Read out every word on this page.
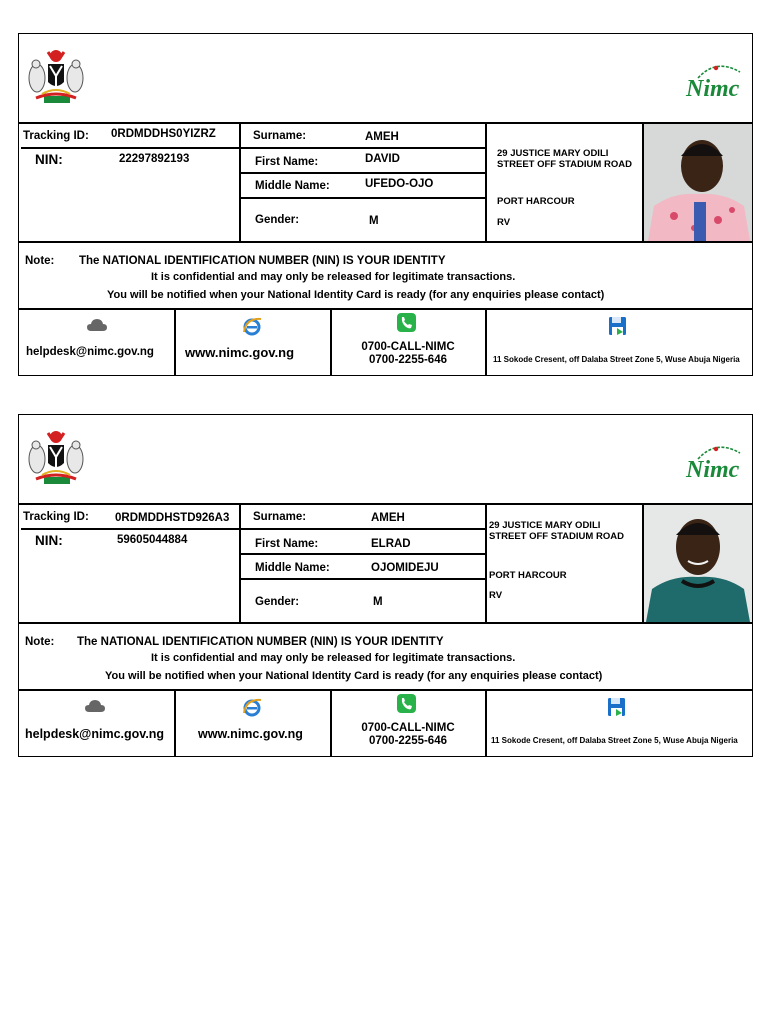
Nimc
Tracking ID: 0RDMDDHS0YIZRZ
NIN:	22297892193
Surname:	AMEH
First Name:	DAVID
Middle Name:	UFEDO-OJO
Gender:	M
29 JUSTICE MARY ODILI
STREET OFF STADIUM ROAD
PORT HARCOUR
RV
Note: The NATIONAL IDENTIFICATION NUMBER (NIN) IS YOUR IDENTITY
It is confidential and may only be released for legitimate transactions.
You will be notified when your National Identity Card is ready (for any enquiries please contact)
helpdesk@nimc.gov.ng www.nimc.gov.ng	0700-CALL-NIMC
0700-2255-646	11 Sokode Cresent, off Dalaba Street Zone 5, Wuse Abuja Nigeria
Nimc
Tracking ID: 0RDMDDHSTD926A3
NIN:	59605044884
Surname:	AMEH
First Name:	ELRAD
Middle Name:	OJOMIDEJU
Gender:	M
29 JUSTICE MARY ODILI
STREET OFF STADIUM ROAD
PORT HARCOUR
RV
Note: The NATIONAL IDENTIFICATION NUMBER (NIN) IS YOUR IDENTITY
It is confidential and may only be released for legitimate transactions.
You will be notified when your National Identity Card is ready (for any enquiries please contact)
helpdesk@nimc.gov.ng	www.nimc.gov.ng	0700-CALL-NIMC
0700-2255-646	11 Sokode Cresent, off Dalaba Street Zone 5, Wuse Abuja Nigeria
